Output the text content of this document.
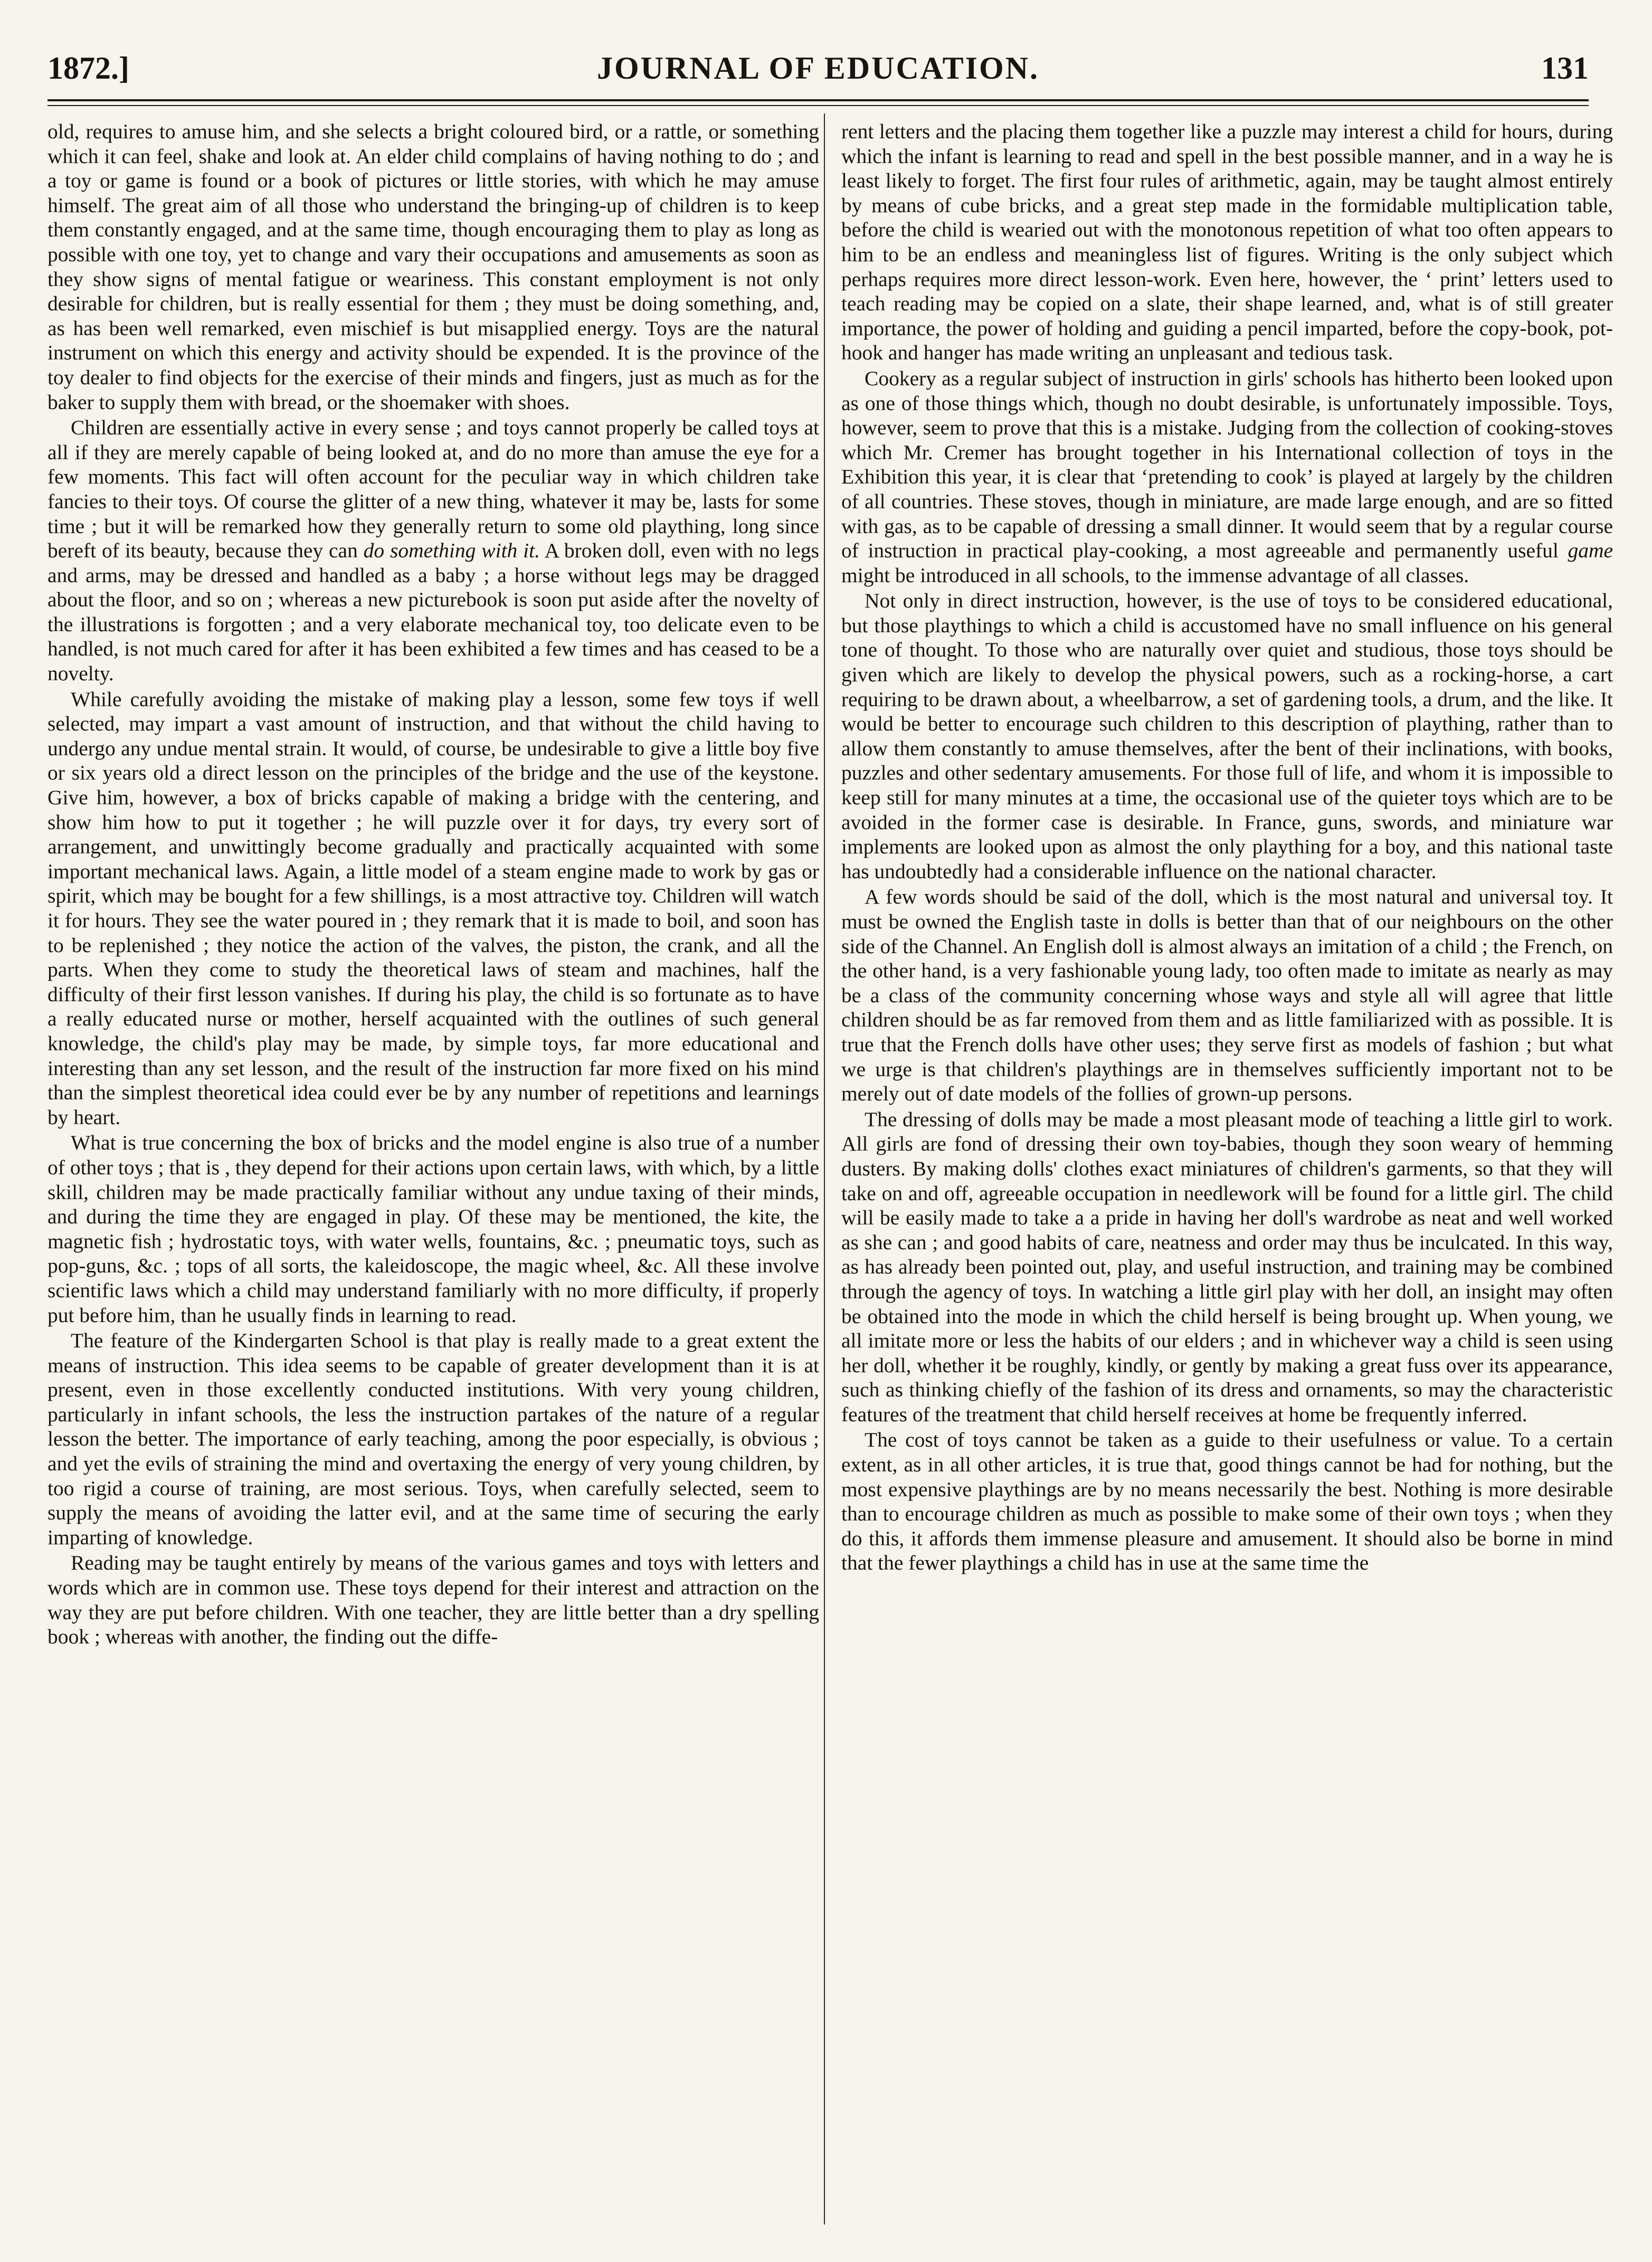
1872.]	JOURNAL OF EDUCATION.	131

old, requires to amuse him, and she selects a bright coloured bird, or a rattle, or something which it can feel, shake and look at. An elder child complains of having nothing to do ; and a toy or game is found or a book of pictures or little stories, with which he may amuse himself. The great aim of all those who understand the bringing-up of children is to keep them constantly engaged, and at the same time, though encouraging them to play as long as possible with one toy, yet to change and vary their occupations and amusements as soon as they show signs of mental fatigue or weariness. This constant employment is not only desirable for children, but is really essential for them ; they must be doing something, and, as has been well remarked, even mischief is but misapplied energy. Toys are the natural instrument on which this energy and activity should be expended. It is the province of the toy dealer to find objects for the exercise of their minds and fingers, just as much as for the baker to supply them with bread, or the shoemaker with shoes.

Children are essentially active in every sense ; and toys cannot properly be called toys at all if they are merely capable of being looked at, and do no more than amuse the eye for a few moments. This fact will often account for the peculiar way in which children take fancies to their toys. Of course the glitter of a new thing, whatever it may be, lasts for some time ; but it will be remarked how they generally return to some old plaything, long since bereft of its beauty, because they can do something with it. A broken doll, even with no legs and arms, may be dressed and handled as a baby ; a horse without legs may be dragged about the floor, and so on ; whereas a new picturebook is soon put aside after the novelty of the illustrations is forgotten ; and a very elaborate mechanical toy, too delicate even to be handled, is not much cared for after it has been exhibited a few times and has ceased to be a novelty.

While carefully avoiding the mistake of making play a lesson, some few toys if well selected, may impart a vast amount of instruction, and that without the child having to undergo any undue mental strain. It would, of course, be undesirable to give a little boy five or six years old a direct lesson on the principles of the bridge and the use of the keystone. Give him, however, a box of bricks capable of making a bridge with the centering, and show him how to put it together ; he will puzzle over it for days, try every sort of arrangement, and unwittingly become gradually and practically acquainted with some important mechanical laws. Again, a little model of a steam engine made to work by gas or spirit, which may be bought for a few shillings, is a most attractive toy. Children will watch it for hours. They see the water poured in ; they remark that it is made to boil, and soon has to be replenished ; they notice the action of the valves, the piston, the crank, and all the parts. When they come to study the theoretical laws of steam and machines, half the difficulty of their first lesson vanishes. If during his play, the child is so fortunate as to have a really educated nurse or mother, herself acquainted with the outlines of such general knowledge, the child's play may be made, by simple toys, far more educational and interesting than any set lesson, and the result of the instruction far more fixed on his mind than the simplest theoretical idea could ever be by any number of repetitions and learnings by heart.

What is true concerning the box of bricks and the model engine is also true of a number of other toys ; that is , they depend for their actions upon certain laws, with which, by a little skill, children may be made practically familiar without any undue taxing of their minds, and during the time they are engaged in play. Of these may be mentioned, the kite, the magnetic fish ; hydrostatic toys, with water wells, fountains, &c. ; pneumatic toys, such as pop-guns, &c. ; tops of all sorts, the kaleidoscope, the magic wheel, &c. All these involve scientific laws which a child may understand familiarly with no more difficulty, if properly put before him, than he usually finds in learning to read.

The feature of the Kindergarten School is that play is really made to a great extent the means of instruction. This idea seems to be capable of greater development than it is at present, even in those excellently conducted institutions. With very young children, particularly in infant schools, the less the instruction partakes of the nature of a regular lesson the better. The importance of early teaching, among the poor especially, is obvious ; and yet the evils of straining the mind and overtaxing the energy of very young children, by too rigid a course of training, are most serious. Toys, when carefully selected, seem to supply the means of avoiding the latter evil, and at the same time of securing the early imparting of knowledge.

Reading may be taught entirely by means of the various games and toys with letters and words which are in common use. These toys depend for their interest and attraction on the way they are put before children. With one teacher, they are little better than a dry spelling book ; whereas with another, the finding out the diffe-

rent letters and the placing them together like a puzzle may interest a child for hours, during which the infant is learning to read and spell in the best possible manner, and in a way he is least likely to forget. The first four rules of arithmetic, again, may be taught almost entirely by means of cube bricks, and a great step made in the formidable multiplication table, before the child is wearied out with the monotonous repetition of what too often appears to him to be an endless and meaningless list of figures. Writing is the only subject which perhaps requires more direct lesson-work. Even here, however, the ‘ print’ letters used to teach reading may be copied on a slate, their shape learned, and, what is of still greater importance, the power of holding and guiding a pencil imparted, before the copy-book, pot-hook and hanger has made writing an unpleasant and tedious task.

Cookery as a regular subject of instruction in girls' schools has hitherto been looked upon as one of those things which, though no doubt desirable, is unfortunately impossible. Toys, however, seem to prove that this is a mistake. Judging from the collection of cooking-stoves which Mr. Cremer has brought together in his International collection of toys in the Exhibition this year, it is clear that ‘pretending to cook’ is played at largely by the children of all countries. These stoves, though in miniature, are made large enough, and are so fitted with gas, as to be capable of dressing a small dinner. It would seem that by a regular course of instruction in practical play-cooking, a most agreeable and permanently useful game might be introduced in all schools, to the immense advantage of all classes.

Not only in direct instruction, however, is the use of toys to be considered educational, but those playthings to which a child is accustomed have no small influence on his general tone of thought. To those who are naturally over quiet and studious, those toys should be given which are likely to develop the physical powers, such as a rocking-horse, a cart requiring to be drawn about, a wheelbarrow, a set of gardening tools, a drum, and the like. It would be better to encourage such children to this description of plaything, rather than to allow them constantly to amuse themselves, after the bent of their inclinations, with books, puzzles and other sedentary amusements. For those full of life, and whom it is impossible to keep still for many minutes at a time, the occasional use of the quieter toys which are to be avoided in the former case is desirable. In France, guns, swords, and miniature war implements are looked upon as almost the only plaything for a boy, and this national taste has undoubtedly had a considerable influence on the national character.

A few words should be said of the doll, which is the most natural and universal toy. It must be owned the English taste in dolls is better than that of our neighbours on the other side of the Channel. An English doll is almost always an imitation of a child ; the French, on the other hand, is a very fashionable young lady, too often made to imitate as nearly as may be a class of the community concerning whose ways and style all will agree that little children should be as far removed from them and as little familiarized with as possible. It is true that the French dolls have other uses; they serve first as models of fashion ; but what we urge is that children's playthings are in themselves sufficiently important not to be merely out of date models of the follies of grown-up persons.

The dressing of dolls may be made a most pleasant mode of teaching a little girl to work. All girls are fond of dressing their own toy-babies, though they soon weary of hemming dusters. By making dolls' clothes exact miniatures of children's garments, so that they will take on and off, agreeable occupation in needlework will be found for a little girl. The child will be easily made to take a a pride in having her doll's wardrobe as neat and well worked as she can ; and good habits of care, neatness and order may thus be inculcated. In this way, as has already been pointed out, play, and useful instruction, and training may be combined through the agency of toys. In watching a little girl play with her doll, an insight may often be obtained into the mode in which the child herself is being brought up. When young, we all imitate more or less the habits of our elders ; and in whichever way a child is seen using her doll, whether it be roughly, kindly, or gently by making a great fuss over its appearance, such as thinking chiefly of the fashion of its dress and ornaments, so may the characteristic features of the treatment that child herself receives at home be frequently inferred.

The cost of toys cannot be taken as a guide to their usefulness or value. To a certain extent, as in all other articles, it is true that, good things cannot be had for nothing, but the most expensive playthings are by no means necessarily the best. Nothing is more desirable than to encourage children as much as possible to make some of their own toys ; when they do this, it affords them immense pleasure and amusement. It should also be borne in mind that the fewer playthings a child has in use at the same time the
